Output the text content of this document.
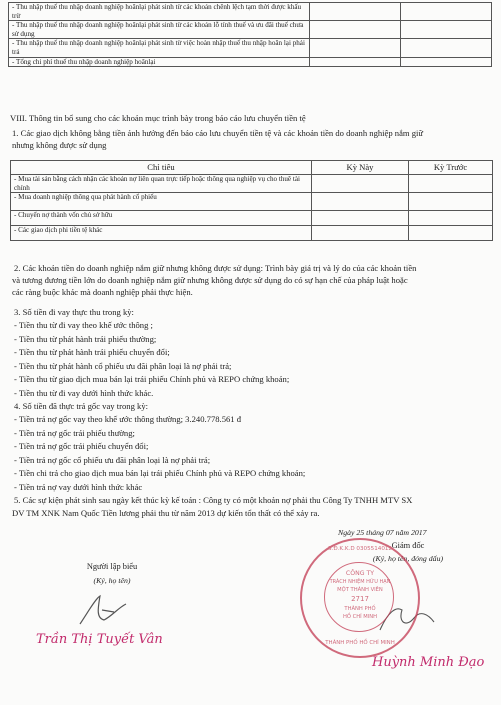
- Thu nhập thuế thu nhập doanh nghiệp hoãnlại phát sinh từ các khoản chênh lệch tạm thời được khấu trừ		
- Thu nhập thuế thu nhập doanh nghiệp hoãnlại phát sinh từ các khoản lỗ tính thuế và ưu đãi thuế chưa sử dụng		
- Thu nhập thuế thu nhập doanh nghiệp hoãnlại phát sinh từ việc hoàn nhập thuế thu nhập hoãn lại phải trả		
- Tổng chi phí thuế thu nhập doanh nghiệp hoãnlại		
VIII. Thông tin bổ sung cho các khoản mục trình bày trong báo cáo lưu chuyển tiền tệ
1. Các giao dịch không bằng tiền ảnh hưởng đến báo cáo lưu chuyển tiền tệ và các khoản tiền do doanh nghiệp nắm giữ
nhưng không được sử dụng
Chỉ tiêu	Kỳ Này	Kỳ Trước
- Mua tài sản bằng cách nhận các khoản nợ liên quan trực tiếp hoặc thông qua nghiệp vụ cho thuê tài chính		
- Mua doanh nghiệp thông qua phát hành cổ phiếu		
- Chuyển nợ thành vốn chủ sở hữu		
- Các giao dịch phi tiền tệ khác		
2. Các khoản tiền do doanh nghiệp nắm giữ nhưng không được sử dụng: Trình bày giá trị và lý do của các khoản tiền
và tương đương tiền lớn do doanh nghiệp nắm giữ nhưng không được sử dụng do có sự hạn chế của pháp luật hoặc
các ràng buộc khác mà doanh nghiệp phải thực hiện.
3. Số tiền đi vay thực thu trong kỳ:
- Tiền thu từ đi vay theo khế ước thông ;
- Tiền thu từ phát hành trái phiếu thường;
- Tiền thu từ phát hành trái phiếu chuyển đổi;
- Tiền thu từ phát hành cổ phiếu ưu đãi phân loại là nợ phải trả;
- Tiền thu từ giao dịch mua bán lại trái phiếu Chính phủ và REPO chứng khoán;
- Tiền thu từ đi vay dưới hình thức khác.
4. Số tiền đã thực trả gốc vay trong kỳ:
- Tiền trả nợ gốc vay theo khế ước thông thường; 3.240.778.561 đ
- Tiền trả nợ gốc trái phiếu thường;
- Tiền trả nợ gốc trái phiếu chuyển đổi;
- Tiền trả nợ gốc cổ phiếu ưu đãi phân loại là nợ phải trả;
- Tiền chi trả cho giao dịch mua bán lại trái phiếu Chính phủ và REPO chứng khoán;
- Tiền trả nợ vay dưới hình thức khác
5. Các sự kiện phát sinh sau ngày kết thúc kỳ kế toán : Công ty có một khoản nợ phải thu Công Ty TNHH MTV SX
DV TM XNK Nam Quốc Tiền lương phải thu từ năm 2013 dự kiến tổn thất có thể xảy ra.
Ngày 25 tháng 07 năm 2017
Người lập biểu
(Ký, họ tên)
Giám đốc
(Ký, họ tên, đóng dấu)
Trần Thị Tuyết Vân
Huỳnh Minh Đạo
S.Đ.K.K.D 0305514012
CÔNG TY
TRÁCH NHIỆM HỮU HẠN
MỘT THÀNH VIÊN
2717
THÀNH PHỐ
HỒ CHÍ MINH
THÀNH PHỐ HỒ CHÍ MINH
